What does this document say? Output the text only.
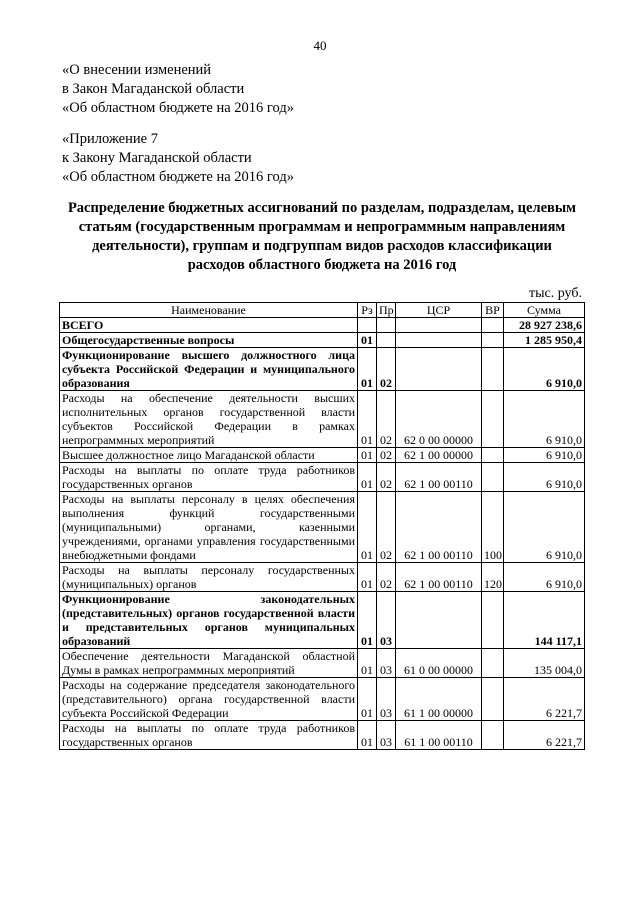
40
«О внесении изменений
в Закон Магаданской области
«Об областном бюджете на 2016 год»
«Приложение 7
к Закону Магаданской области
«Об областном бюджете на 2016 год»
Распределение бюджетных ассигнований по разделам, подразделам, целевым статьям (государственным программам и непрограммным направлениям деятельности), группам и подгруппам видов расходов классификации расходов областного бюджета на 2016 год
тыс. руб.
Наименование	Рз	Пр	ЦСР	ВР	Сумма
ВСЕГО					28 927 238,6
Общегосударственные вопросы	01				1 285 950,4
Функционирование высшего должностного лица субъекта Российской Федерации и муниципального образования	01	02			6 910,0
Расходы на обеспечение деятельности высших исполнительных органов государственной власти субъектов Российской Федерации в рамках непрограммных мероприятий	01	02	62 0 00 00000		6 910,0
Высшее должностное лицо Магаданской области	01	02	62 1 00 00000		6 910,0
Расходы на выплаты по оплате труда работников государственных органов	01	02	62 1 00 00110		6 910,0
Расходы на выплаты персоналу в целях обеспечения выполнения функций государственными (муниципальными) органами, казенными учреждениями, органами управления государственными внебюджетными фондами	01	02	62 1 00 00110	100	6 910,0
Расходы на выплаты персоналу государственных (муниципальных) органов	01	02	62 1 00 00110	120	6 910,0
Функционирование законодательных (представительных) органов государственной власти и представительных органов муниципальных образований	01	03			144 117,1
Обеспечение деятельности Магаданской областной Думы в рамках непрограммных мероприятий	01	03	61 0 00 00000		135 004,0
Расходы на содержание председателя законодательного (представительного) органа государственной власти субъекта Российской Федерации	01	03	61 1 00 00000		6 221,7
Расходы на выплаты по оплате труда работников государственных органов	01	03	61 1 00 00110		6 221,7
